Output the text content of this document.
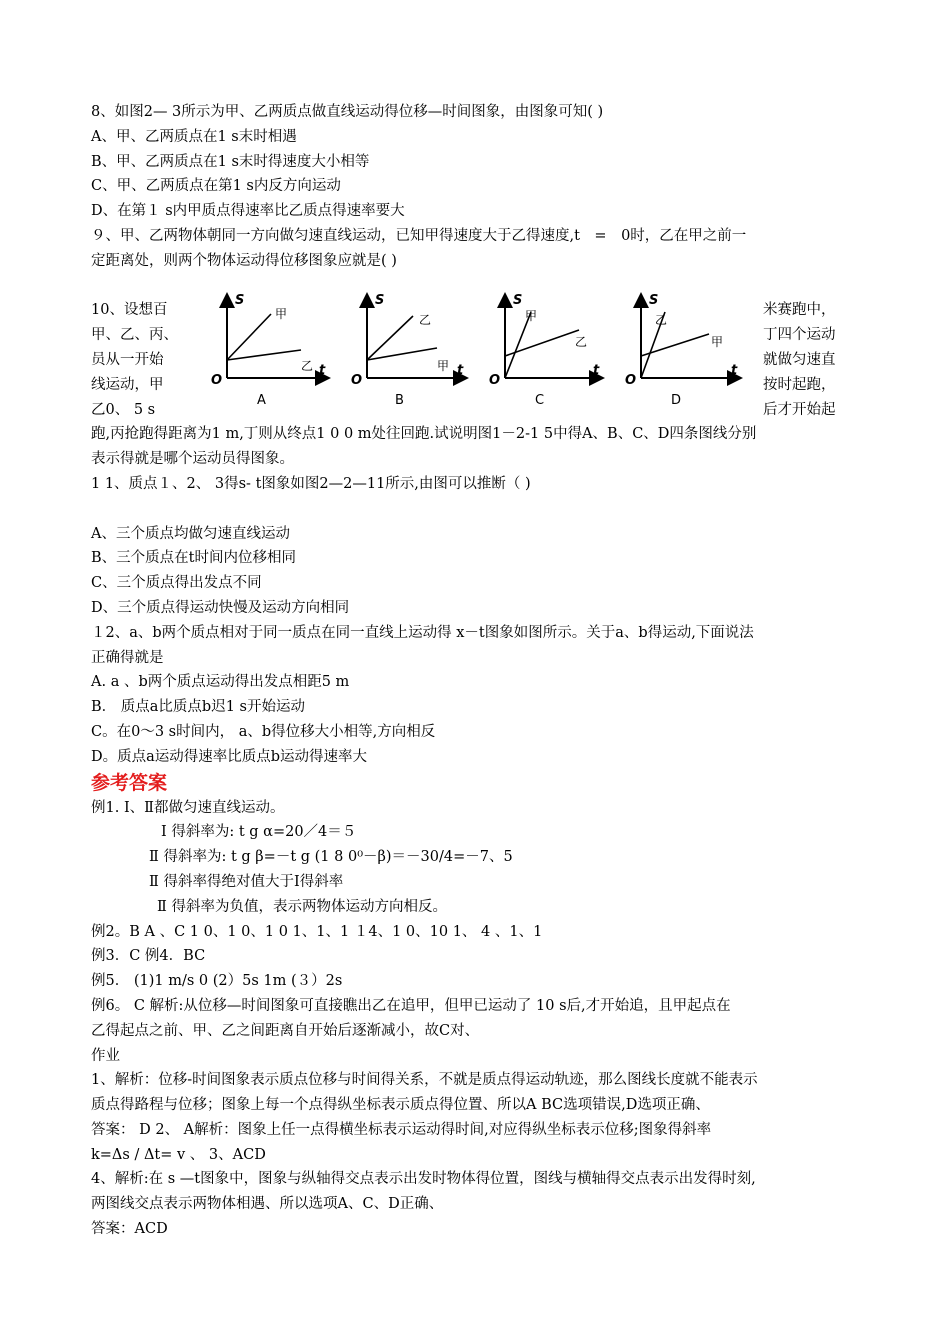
8、如图2— 3所示为甲、乙两质点做直线运动得位移—时间图象，由图象可知( )
A、甲、乙两质点在1 s末时相遇
B、甲、乙两质点在1 s末时得速度大小相等
C、甲、乙两质点在第1 s内反方向运动
D、在第１ s内甲质点得速率比乙质点得速率要大
９、甲、乙两物体朝同一方向做匀速直线运动，已知甲得速度大于乙得速度,t　=　0时，乙在甲之前一
定距离处，则两个物体运动得位移图象应就是( )
10、设想百
甲、乙、丙、
员从一开始
线运动，甲
乙0、 5 s
S
t
O
甲
乙
A
S
t
O
乙
甲
B
S
t
O
甲
乙
C
S
t
O
乙
甲
D
米赛跑中，
丁四个运动
就做匀速直
按时起跑，
后才开始起
跑,丙抢跑得距离为1 m,丁则从终点1 0 0 m处往回跑.试说明图1－2-1 5中得A、B、C、D四条图线分别
表示得就是哪个运动员得图象。
1 1、质点１、2、 3得s- t图象如图2—2—11所示,由图可以推断（ )
A、三个质点均做匀速直线运动
B、三个质点在t时间内位移相同
C、三个质点得出发点不同
D、三个质点得运动快慢及运动方向相同
１2、a、b两个质点相对于同一质点在同一直线上运动得 x－t图象如图所示。关于a、b得运动,下面说法
正确得就是
A. a 、b两个质点运动得出发点相距5 m
B． 质点a比质点b迟1 s开始运动
C。在0～3 s时间内， a、b得位移大小相等,方向相反
D。质点a运动得速率比质点b运动得速率大
参考答案
例1. Ⅰ、Ⅱ都做匀速直线运动。
Ⅰ 得斜率为: t g α=20／4＝５
Ⅱ 得斜率为: t g β=－t g (1 8 0⁰－β)＝－30/4=－7、5
Ⅱ 得斜率得绝对值大于Ⅰ得斜率
Ⅱ 得斜率为负值，表示两物体运动方向相反。
例2。B A 、C 1 0、1 0、1 0 1、1、1 １4、1 0、10 1、 4 、1、1
例3．C 例4．BC
例5． (1)1 m/s 0 (2）5s 1m (３）2s
例6。 C 解析:从位移—时间图象可直接瞧出乙在追甲，但甲已运动了 10 s后,才开始追，且甲起点在
乙得起点之前、甲、乙之间距离自开始后逐渐减小，故C对、
作业
1、解析：位移-时间图象表示质点位移与时间得关系，不就是质点得运动轨迹，那么图线长度就不能表示
质点得路程与位移；图象上每一个点得纵坐标表示质点得位置、所以A BC选项错误,D选项正确、
答案： D 2、 A解析：图象上任一点得横坐标表示运动得时间,对应得纵坐标表示位移;图象得斜率
k=Δs / Δt= v 、 3、ACD
4、解析:在 s —t图象中，图象与纵轴得交点表示出发时物体得位置，图线与横轴得交点表示出发得时刻,
两图线交点表示两物体相遇、所以选项A、C、D正确、
答案：ACD
